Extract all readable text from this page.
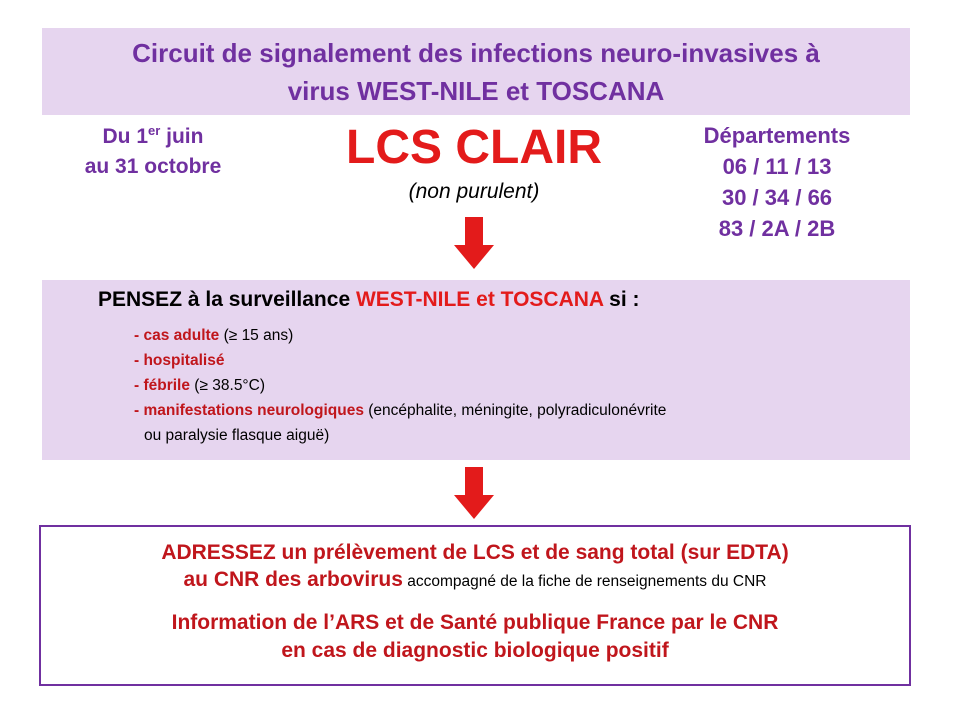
Circuit de signalement des infections neuro-invasives à
virus WEST-NILE et TOSCANA
Du 1er juin
au 31 octobre	LCS CLAIR
(non purulent)
Départements
06 / 11 / 13
30 / 34 / 66
83 / 2A / 2B
PENSEZ à la surveillance WEST-NILE et TOSCANA si :
- cas adulte (≥ 15 ans)
- hospitalisé
- fébrile (≥ 38.5°C)
- manifestations neurologiques (encéphalite, méningite, polyradiculonévrite
ou paralysie flasque aiguë)
ADRESSEZ un prélèvement de LCS et de sang total (sur EDTA)
au CNR des arbovirus accompagné de la fiche de renseignements du CNR
Information de l’ARS et de Santé publique France par le CNR
en cas de diagnostic biologique positif
